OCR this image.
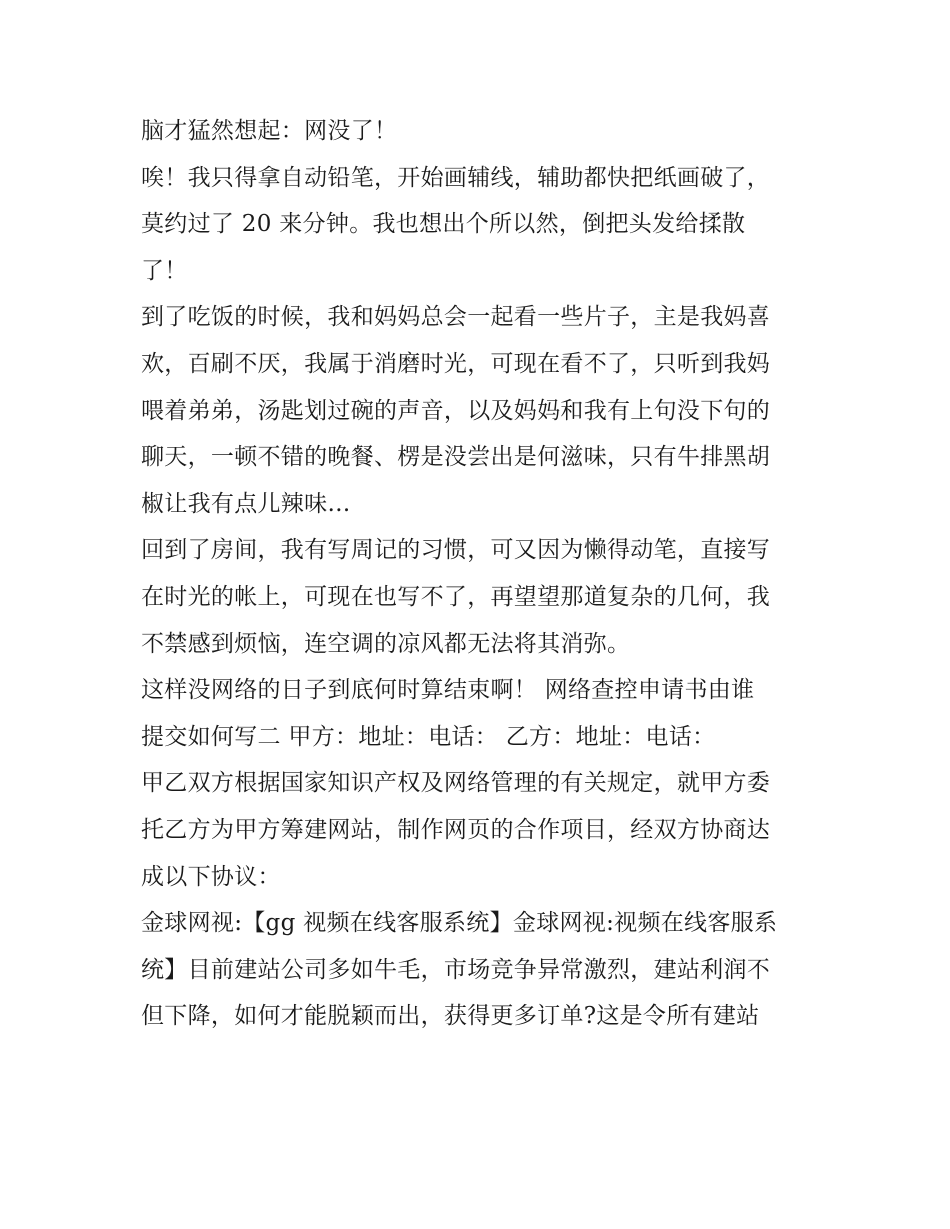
脑才猛然想起：网没了！
唉！我只得拿自动铅笔，开始画辅线，辅助都快把纸画破了，
莫约过了 20 来分钟。我也想出个所以然，倒把头发给揉散
了！
到了吃饭的时候，我和妈妈总会一起看一些片子，主是我妈喜
欢，百刷不厌，我属于消磨时光，可现在看不了，只听到我妈
喂着弟弟，汤匙划过碗的声音，以及妈妈和我有上句没下句的
聊天，一顿不错的晚餐、楞是没尝出是何滋味，只有牛排黑胡
椒让我有点儿辣味…
回到了房间，我有写周记的习惯，可又因为懒得动笔，直接写
在时光的帐上，可现在也写不了，再望望那道复杂的几何，我
不禁感到烦恼，连空调的凉风都无法将其消弥。
这样没网络的日子到底何时算结束啊！ 网络查控申请书由谁
提交如何写二 甲方：地址：电话： 乙方：地址：电话：
甲乙双方根据国家知识产权及网络管理的有关规定，就甲方委
托乙方为甲方筹建网站，制作网页的合作项目，经双方协商达
成以下协议：
金球网视:【gg 视频在线客服系统】金球网视:视频在线客服系
统】目前建站公司多如牛毛，市场竞争异常激烈，建站利润不
但下降，如何才能脱颖而出，获得更多订单?这是令所有建站
